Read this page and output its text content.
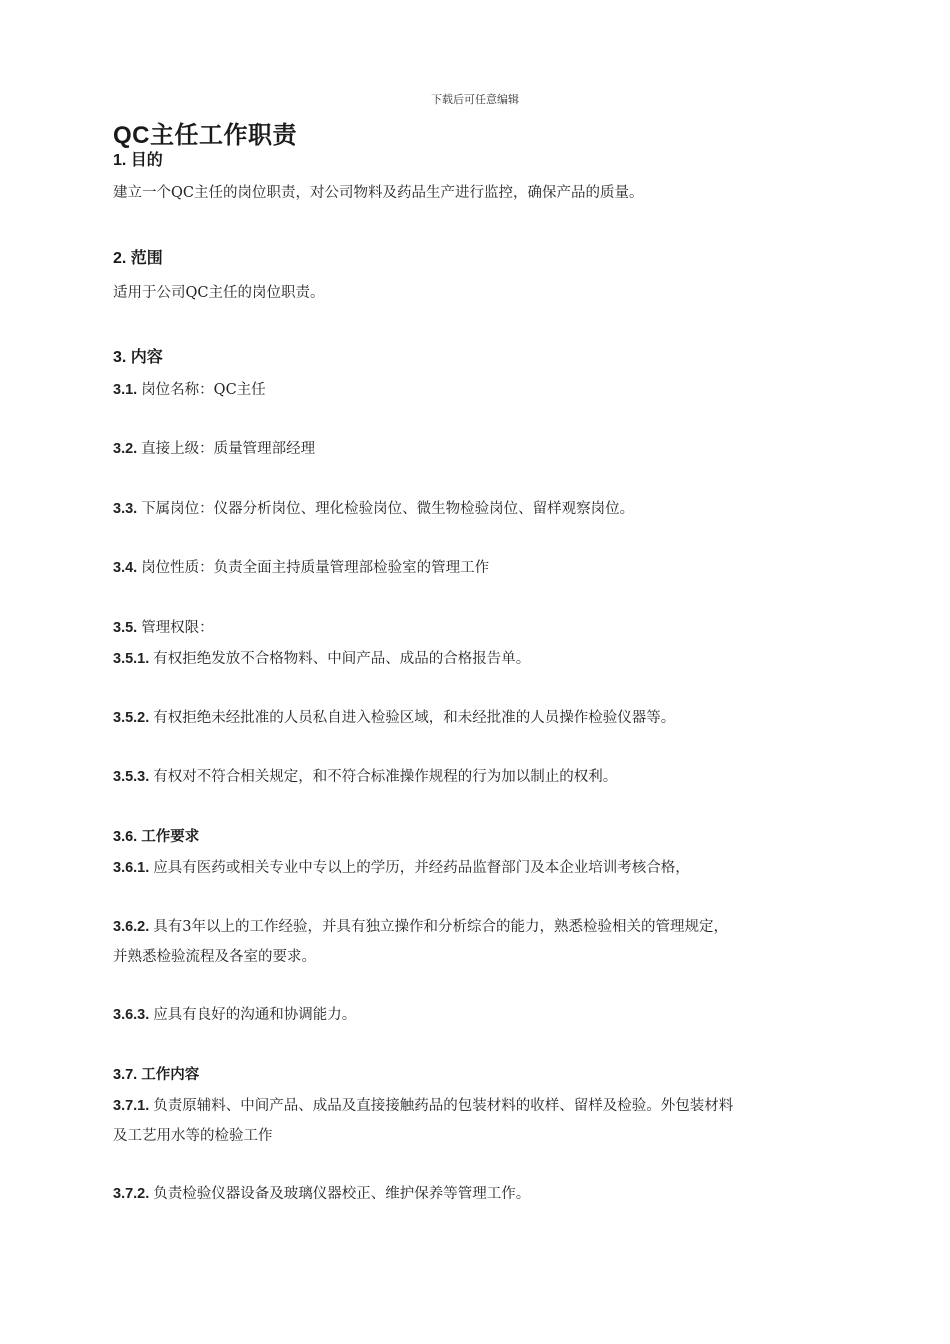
下载后可任意编辑
QC主任工作职责
1. 目的
建立一个QC主任的岗位职责，对公司物料及药品生产进行监控，确保产品的质量。
2. 范围
适用于公司QC主任的岗位职责。
3. 内容
3.1. 岗位名称：QC主任
3.2. 直接上级：质量管理部经理
3.3. 下属岗位：仪器分析岗位、理化检验岗位、微生物检验岗位、留样观察岗位。
3.4. 岗位性质：负责全面主持质量管理部检验室的管理工作
3.5. 管理权限：
3.5.1. 有权拒绝发放不合格物料、中间产品、成品的合格报告单。
3.5.2. 有权拒绝未经批准的人员私自进入检验区域，和未经批准的人员操作检验仪器等。
3.5.3. 有权对不符合相关规定，和不符合标准操作规程的行为加以制止的权利。
3.6. 工作要求
3.6.1. 应具有医药或相关专业中专以上的学历，并经药品监督部门及本企业培训考核合格，
3.6.2. 具有3年以上的工作经验，并具有独立操作和分析综合的能力，熟悉检验相关的管理规定，
并熟悉检验流程及各室的要求。
3.6.3. 应具有良好的沟通和协调能力。
3.7. 工作内容
3.7.1. 负责原辅料、中间产品、成品及直接接触药品的包装材料的收样、留样及检验。外包装材料
及工艺用水等的检验工作
3.7.2. 负责检验仪器设备及玻璃仪器校正、维护保养等管理工作。
